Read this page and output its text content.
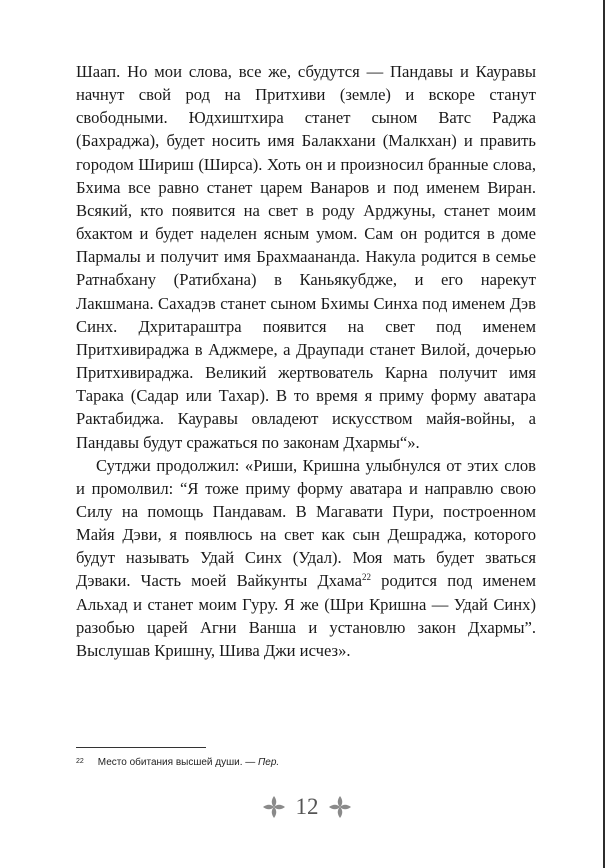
Шаап. Но мои слова, все же, сбудутся — Пандавы и Кауравы начнут свой род на Притхиви (земле) и вскоре станут свободными. Юдхиштхира станет сыном Ватс Раджа (Бахраджа), будет носить имя Балакхани (Малкхан) и править городом Шириш (Ширса). Хоть он и произносил бранные слова, Бхима все равно станет царем Ванаров и под именем Виран. Всякий, кто появится на свет в роду Арджуны, станет моим бхактом и будет наделен ясным умом. Сам он родится в доме Пармалы и получит имя Брахмаананда. Накула родится в семье Ратнабхану (Ратибхана) в Каньякубдже, и его нарекут Лакшмана. Сахадэв станет сыном Бхимы Синха под именем Дэв Синх. Дхритараштра появится на свет под именем Притхивираджа в Аджмере, а Драупади станет Вилой, дочерью Притхивираджа. Великий жертвователь Карна получит имя Тарака (Садар или Тахар). В то время я приму форму аватара Рактабиджа. Кауравы овладеют искусством майя-войны, а Пандавы будут сражаться по законам Дхармы“».

Сутджи продолжил: «Риши, Кришна улыбнулся от этих слов и промолвил: “Я тоже приму форму аватара и направлю свою Силу на помощь Пандавам. В Магавати Пури, построенном Майя Дэви, я появлюсь на свет как сын Дешраджа, которого будут называть Удай Синх (Удал). Моя мать будет зваться Дэваки. Часть моей Вайкунты Дхама$^{22}$ родится под именем Альхад и станет моим Гуру. Я же (Шри Кришна — Удай Синх) разобью царей Агни Ванша и установлю закон Дхармы”. Выслушав Кришну, Шива Джи исчез».

$^{22}$ Место обитания высшей души. — Пер.
12
